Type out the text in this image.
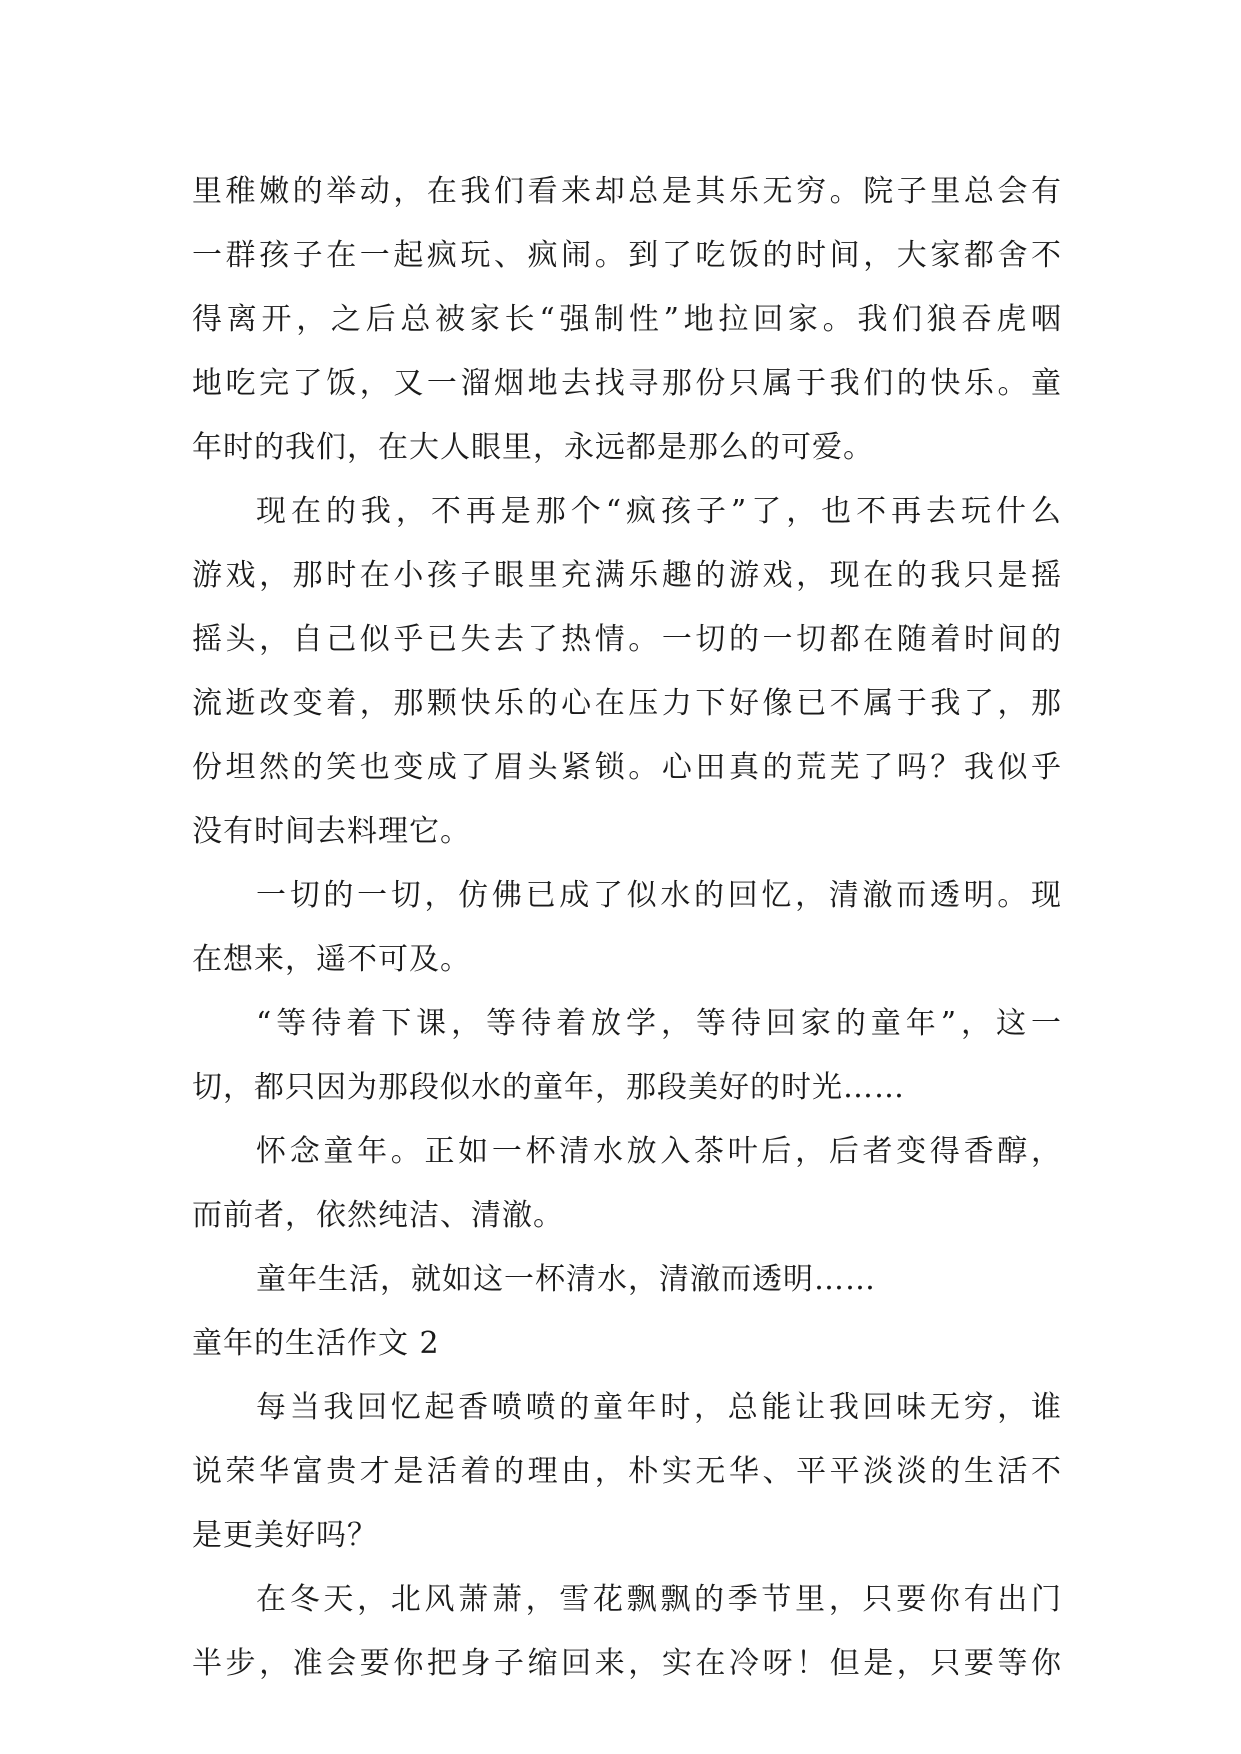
里稚嫩的举动，在我们看来却总是其乐无穷。院子里总会有
一群孩子在一起疯玩、疯闹。到了吃饭的时间，大家都舍不
得离开，之后总被家长“强制性”地拉回家。我们狼吞虎咽
地吃完了饭，又一溜烟地去找寻那份只属于我们的快乐。童
年时的我们，在大人眼里，永远都是那么的可爱。
现在的我，不再是那个“疯孩子”了，也不再去玩什么
游戏，那时在小孩子眼里充满乐趣的游戏，现在的我只是摇
摇头，自己似乎已失去了热情。一切的一切都在随着时间的
流逝改变着，那颗快乐的心在压力下好像已不属于我了，那
份坦然的笑也变成了眉头紧锁。心田真的荒芜了吗？我似乎
没有时间去料理它。
一切的一切，仿佛已成了似水的回忆，清澈而透明。现
在想来，遥不可及。
“等待着下课，等待着放学，等待回家的童年”，这一
切，都只因为那段似水的童年，那段美好的时光……
怀念童年。正如一杯清水放入茶叶后，后者变得香醇，
而前者，依然纯洁、清澈。
童年生活，就如这一杯清水，清澈而透明……
童年的生活作文 2
每当我回忆起香喷喷的童年时，总能让我回味无穷，谁
说荣华富贵才是活着的理由，朴实无华、平平淡淡的生活不
是更美好吗？
在冬天，北风萧萧，雪花飘飘的季节里，只要你有出门
半步，准会要你把身子缩回来，实在冷呀！但是，只要等你
